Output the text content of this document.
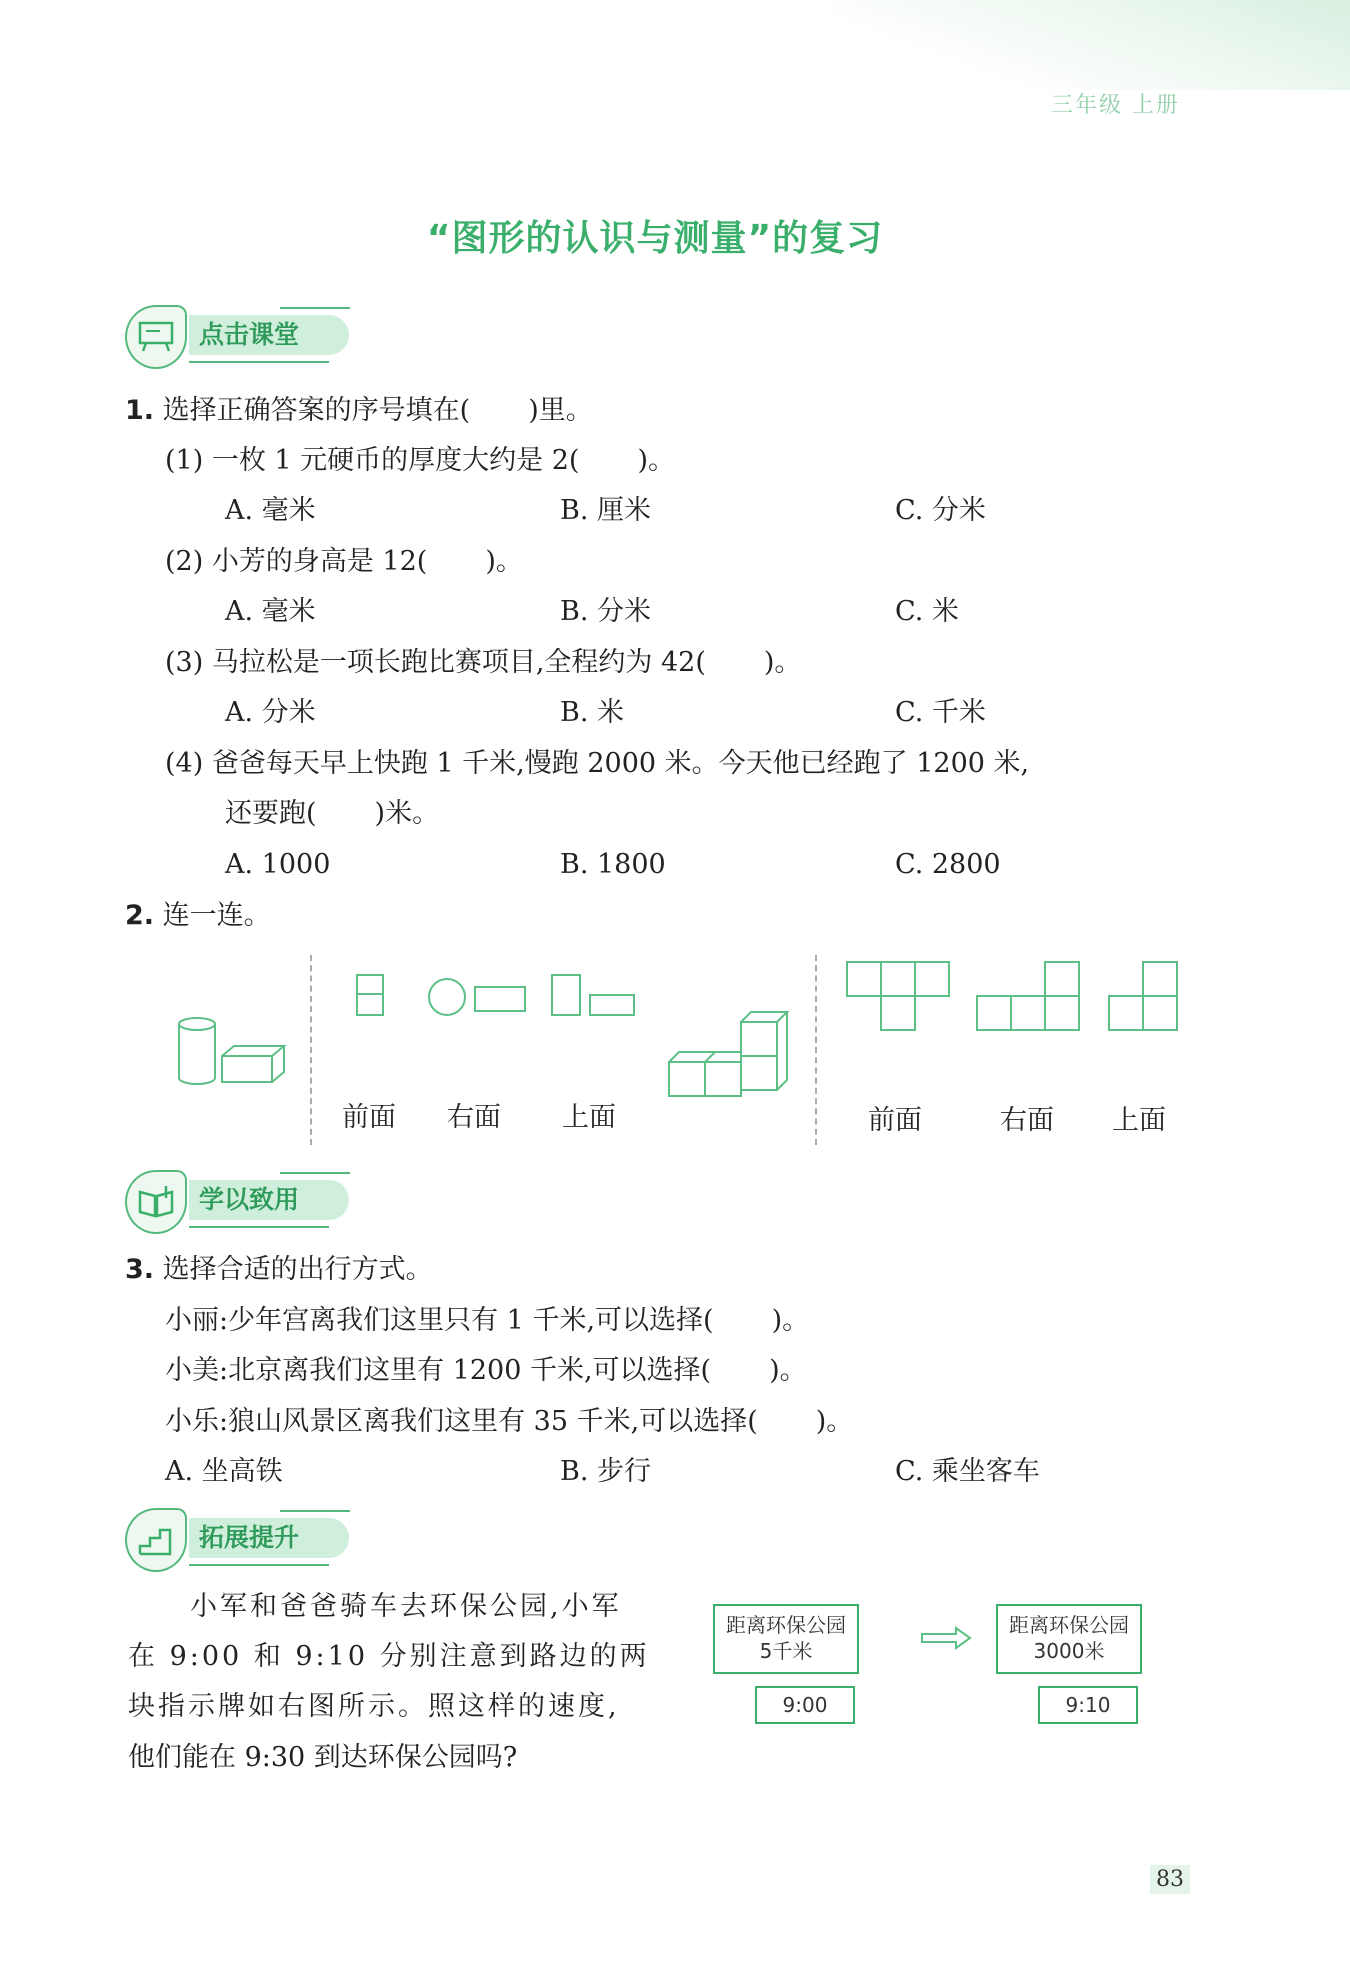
三年级 上册
“图形的认识与测量”的复习
点击课堂
1. 选择正确答案的序号填在( )里。
(1) 一枚 1 元硬币的厚度大约是 2( )。
A. 毫米	B. 厘米	C. 分米
(2) 小芳的身高是 12( )。
A. 毫米	B. 分米	C. 米
(3) 马拉松是一项长跑比赛项目,全程约为 42( )。
A. 分米	B. 米	C. 千米
(4) 爸爸每天早上快跑 1 千米,慢跑 2000 米。今天他已经跑了 1200 米,
还要跑( )米。
A. 1000	B. 1800	C. 2800
2. 连一连。
前面 右面 上面	前面	右面 上面
学以致用
3. 选择合适的出行方式。
小丽:少年宫离我们这里只有 1 千米,可以选择( )。
小美:北京离我们这里有 1200 千米,可以选择( )。
小乐:狼山风景区离我们这里有 35 千米,可以选择( )。
A. 坐高铁	B. 步行	C. 乘坐客车
拓展提升
小军和爸爸骑车去环保公园,小军
在 9:00 和 9:10 分别注意到路边的两
块指示牌如右图所示。照这样的速度,
他们能在 9:30 到达环保公园吗?
距离环保公园
5千米
9:00
距离环保公园
3000米
9:10
83
